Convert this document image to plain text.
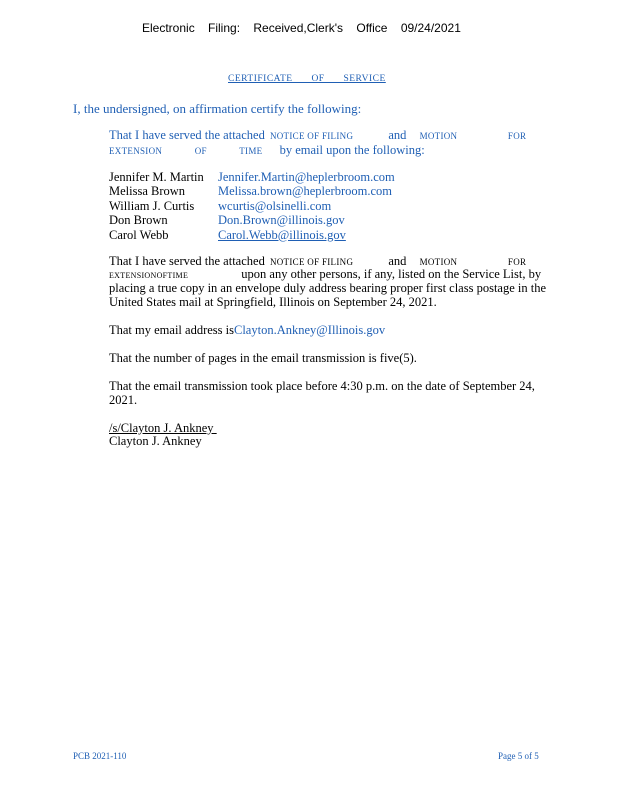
Electronic Filing: Received,Clerk's Office 09/24/2021
CERTIFICATE OF SERVICE
I, the undersigned, on affirmation certify the following:
That I have served the attached NOTICE OF FILING	and MOTION FOR
EXTENSION OF TIME by email upon the following:
Jennifer M. Martin	Jennifer.Martin@heplerbroom.com
Melissa Brown	Melissa.brown@heplerbroom.com
William J. Curtis	wcurtis@olsinelli.com
Don Brown	Don.Brown@illinois.gov
Carol Webb	Carol.Webb@illinois.gov
That I have served the attached NOTICE OF FILING	and MOTION FOR
EXTENSIONOFTIME	upon any other persons, if any, listed on the Service List, by
placing a true copy in an envelope duly address bearing proper first class postage in the
United States mail at Springfield, Illinois on September 24, 2021.
That my email address isClayton.Ankney@Illinois.gov
That the number of pages in the email transmission is five(5).
That the email transmission took place before 4:30 p.m. on the date of September 24,
2021.
/s/Clayton J. Ankney
Clayton J. Ankney
PCB 2021-110	Page 5 of 5
